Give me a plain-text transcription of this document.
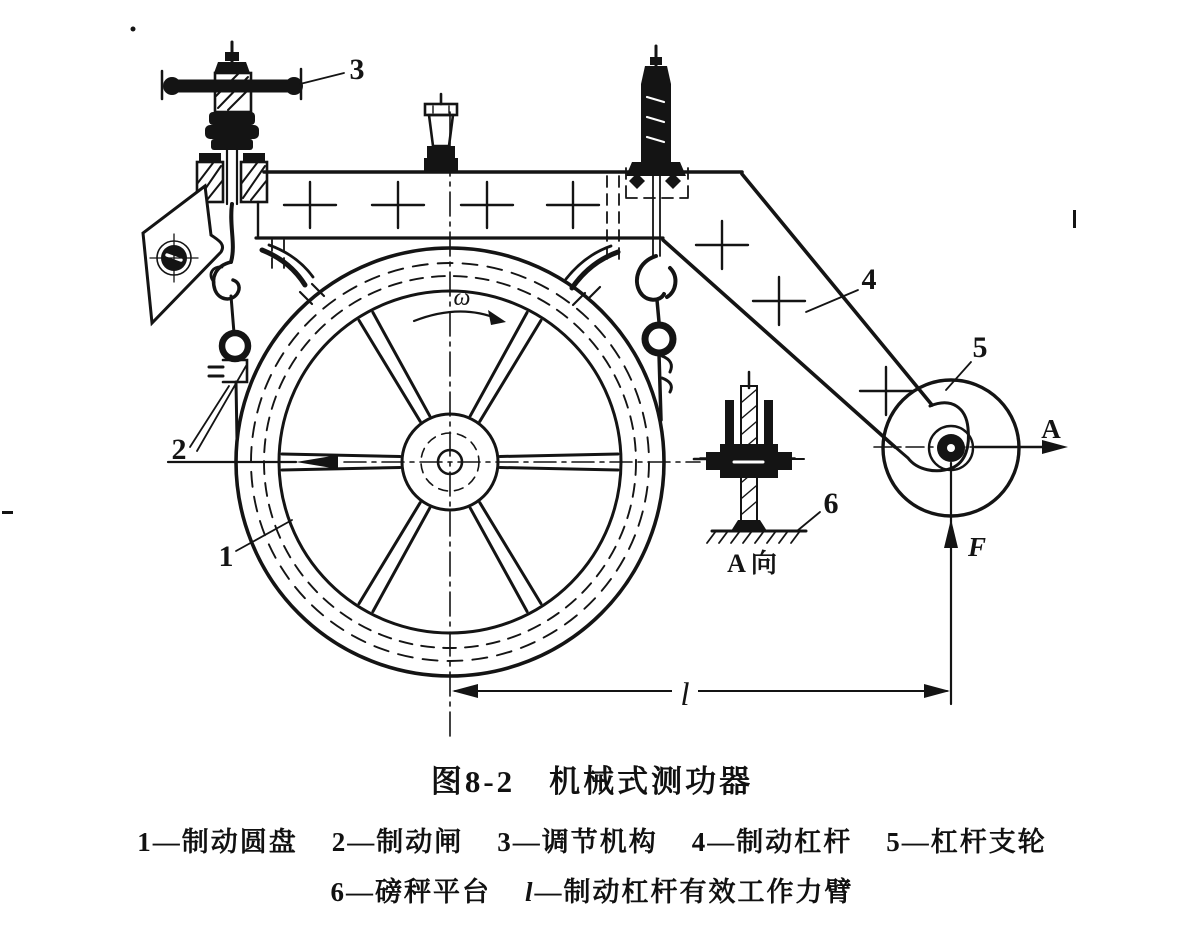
ω
A
F
A 向
l
3
2
1
4
5
6
图8-2　机械式测功器
1—制动圆盘 2—制动闸 3—调节机构 4—制动杠杆 5—杠杆支轮
6—磅秤平台 l—制动杠杆有效工作力臂
